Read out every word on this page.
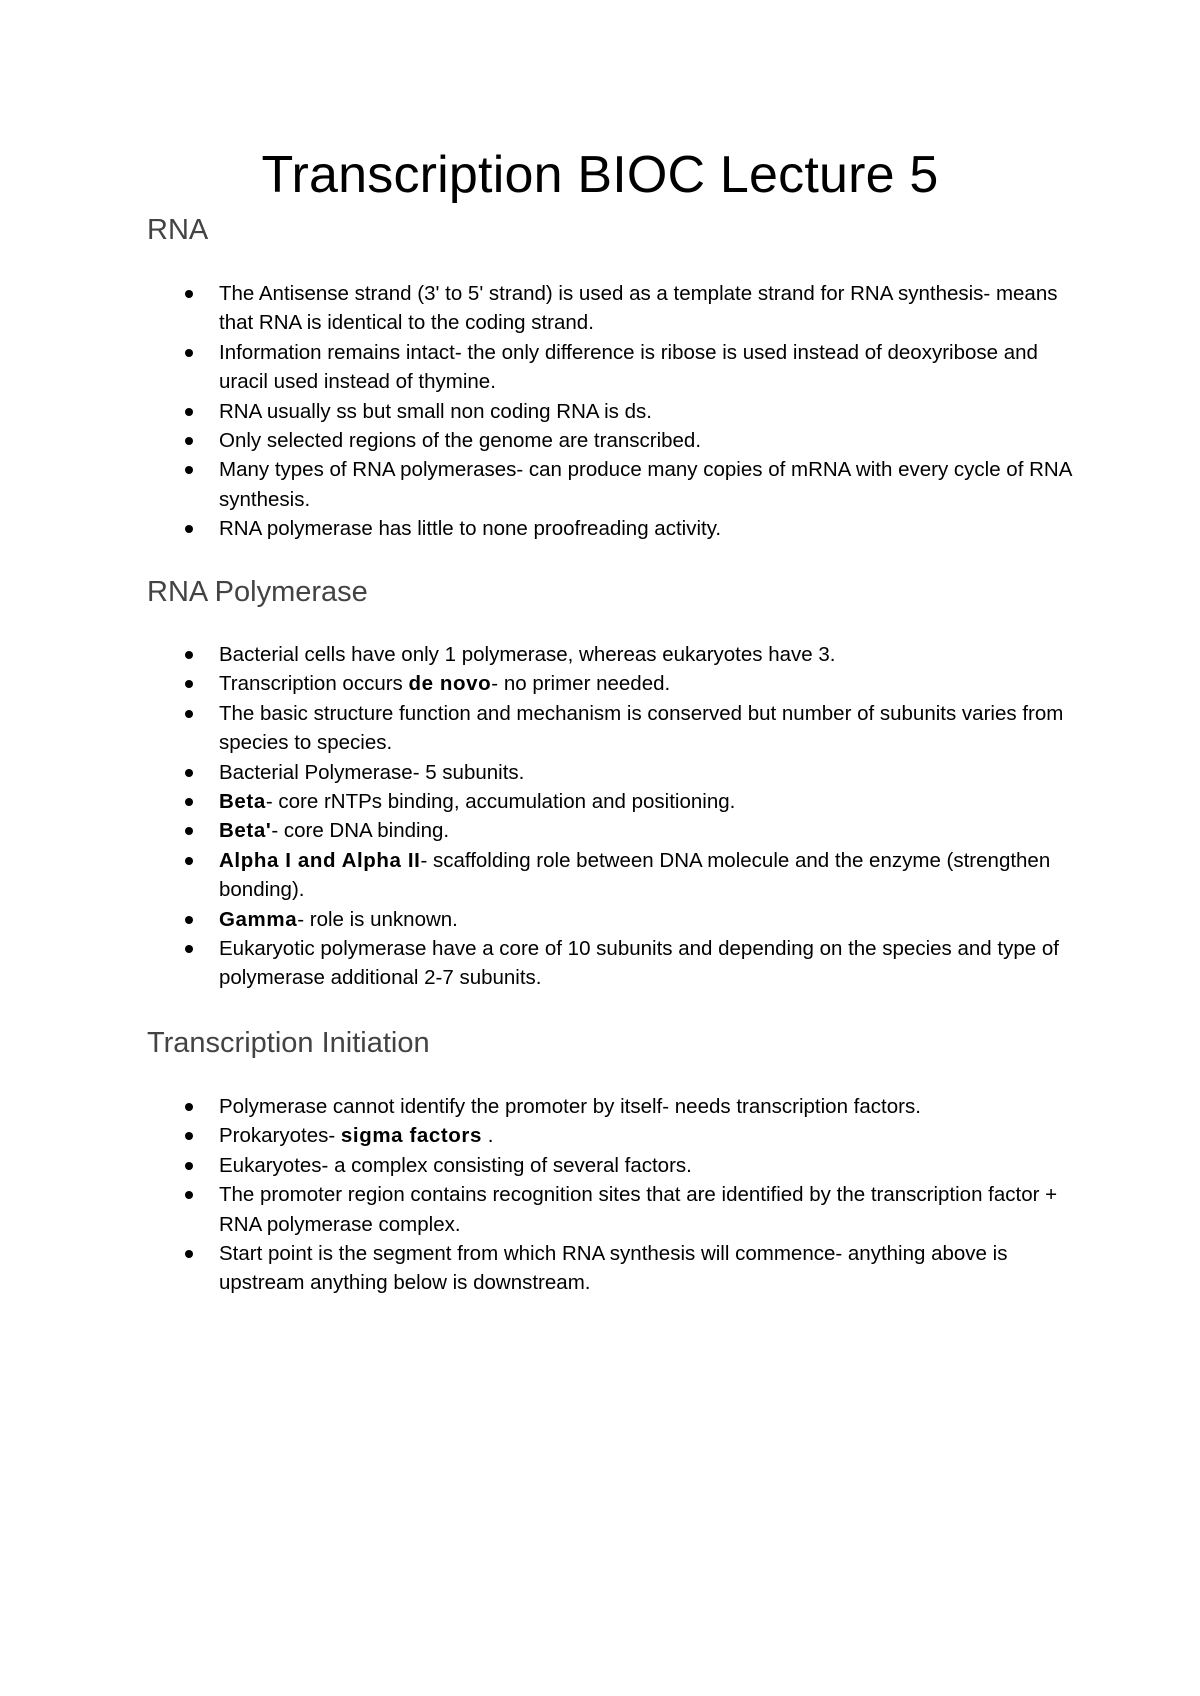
Transcription BIOC Lecture 5
RNA
The Antisense strand (3' to 5' strand) is used as a template strand for RNA synthesis- means that RNA is identical to the coding strand.
Information remains intact- the only difference is ribose is used instead of deoxyribose and uracil used instead of thymine.
RNA usually ss but small non coding RNA is ds.
Only selected regions of the genome are transcribed.
Many types of RNA polymerases- can produce many copies of mRNA with every cycle of RNA synthesis.
RNA polymerase has little to none proofreading activity.
RNA Polymerase
Bacterial cells have only 1 polymerase, whereas eukaryotes have 3.
Transcription occurs de novo- no primer needed.
The basic structure function and mechanism is conserved but number of subunits varies from species to species.
Bacterial Polymerase- 5 subunits.
Beta- core rNTPs binding, accumulation and positioning.
Beta'- core DNA binding.
Alpha I and Alpha II- scaffolding role between DNA molecule and the enzyme (strengthen bonding).
Gamma- role is unknown.
Eukaryotic polymerase have a core of 10 subunits and depending on the species and type of polymerase additional 2-7 subunits.
Transcription Initiation
Polymerase cannot identify the promoter by itself- needs transcription factors.
Prokaryotes- sigma factors .
Eukaryotes- a complex consisting of several factors.
The promoter region contains recognition sites that are identified by the transcription factor + RNA polymerase complex.
Start point is the segment from which RNA synthesis will commence- anything above is upstream anything below is downstream.
